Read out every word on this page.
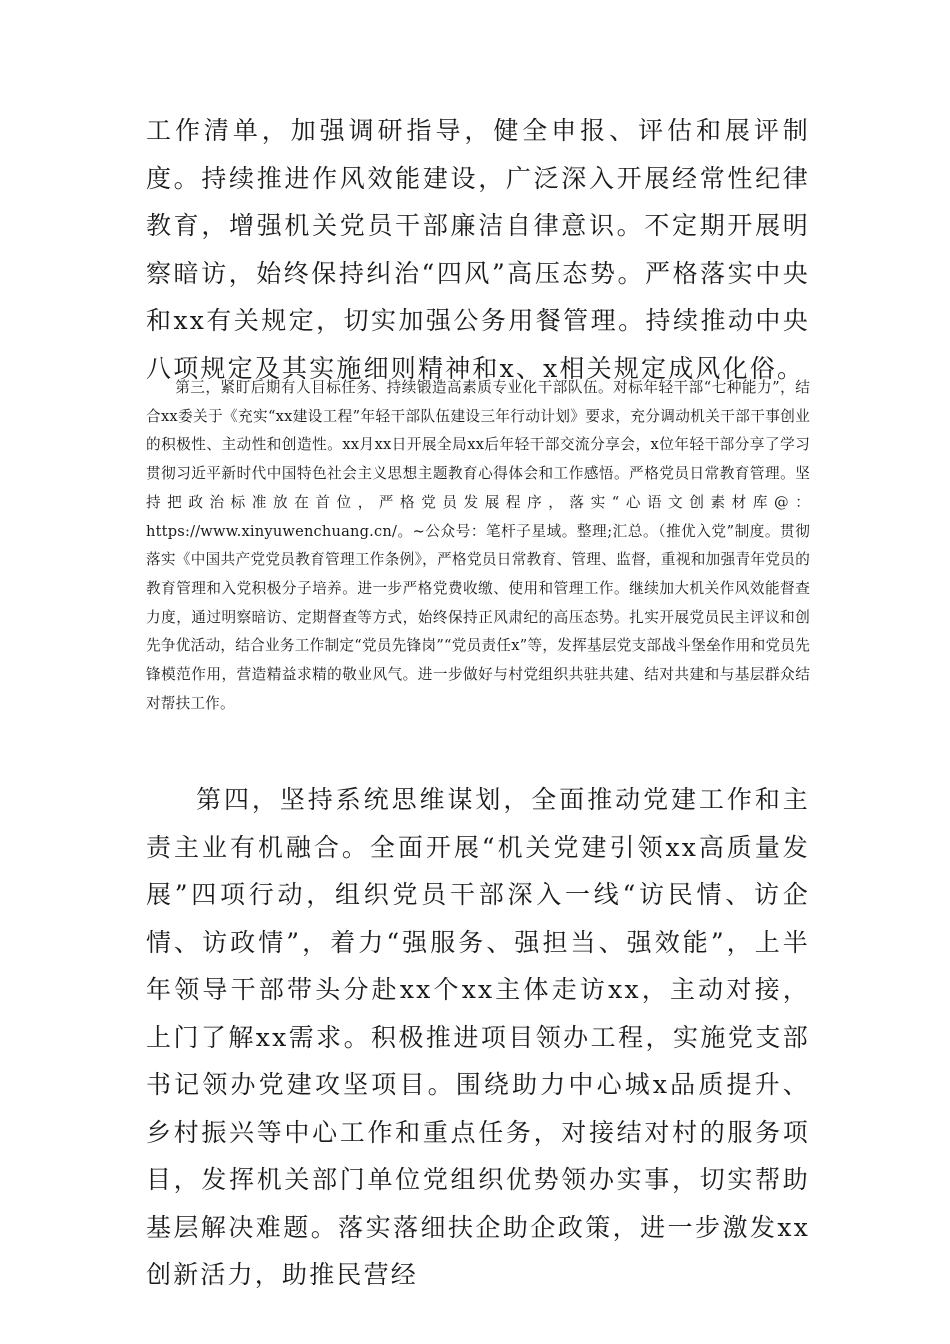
工作清单，加强调研指导，健全申报、评估和展评制度。持续推进作风效能建设，广泛深入开展经常性纪律教育，增强机关党员干部廉洁自律意识。不定期开展明察暗访，始终保持纠治“四风”高压态势。严格落实中央和xx有关规定，切实加强公务用餐管理。持续推动中央八项规定及其实施细则精神和x、x相关规定成风化俗。

第三，紧盯后期有人目标任务、持续锻造高素质专业化干部队伍。对标年轻干部“七种能力”，结合xx委关于《充实“xx建设工程”年轻干部队伍建设三年行动计划》要求，充分调动机关干部干事创业的积极性、主动性和创造性。xx月xx日开展全局xx后年轻干部交流分享会，x位年轻干部分享了学习贯彻习近平新时代中国特色社会主义思想主题教育心得体会和工作感悟。严格党员日常教育管理。坚持把政治标准放在首位，严格党员发展程序，落实“心语文创素材库@：https://www.xinyuwenchuang.cn/。~公众号：笔杆子星域。整理;汇总。（推优入党”制度。贯彻落实《中国共产党党员教育管理工作条例》，严格党员日常教育、管理、监督，重视和加强青年党员的教育管理和入党积极分子培养。进一步严格党费收缴、使用和管理工作。继续加大机关作风效能督查力度，通过明察暗访、定期督查等方式，始终保持正风肃纪的高压态势。扎实开展党员民主评议和创先争优活动，结合业务工作制定“党员先锋岗”“党员责任x”等，发挥基层党支部战斗堡垒作用和党员先锋模范作用，营造精益求精的敬业风气。进一步做好与村党组织共驻共建、结对共建和与基层群众结对帮扶工作。

第四，坚持系统思维谋划，全面推动党建工作和主责主业有机融合。全面开展“机关党建引领xx高质量发展”四项行动，组织党员干部深入一线“访民情、访企情、访政情”，着力“强服务、强担当、强效能”，上半年领导干部带头分赴xx个xx主体走访xx，主动对接，上门了解xx需求。积极推进项目领办工程，实施党支部书记领办党建攻坚项目。围绕助力中心城x品质提升、乡村振兴等中心工作和重点任务，对接结对村的服务项目，发挥机关部门单位党组织优势领办实事，切实帮助基层解决难题。落实落细扶企助企政策，进一步激发xx创新活力，助推民营经
